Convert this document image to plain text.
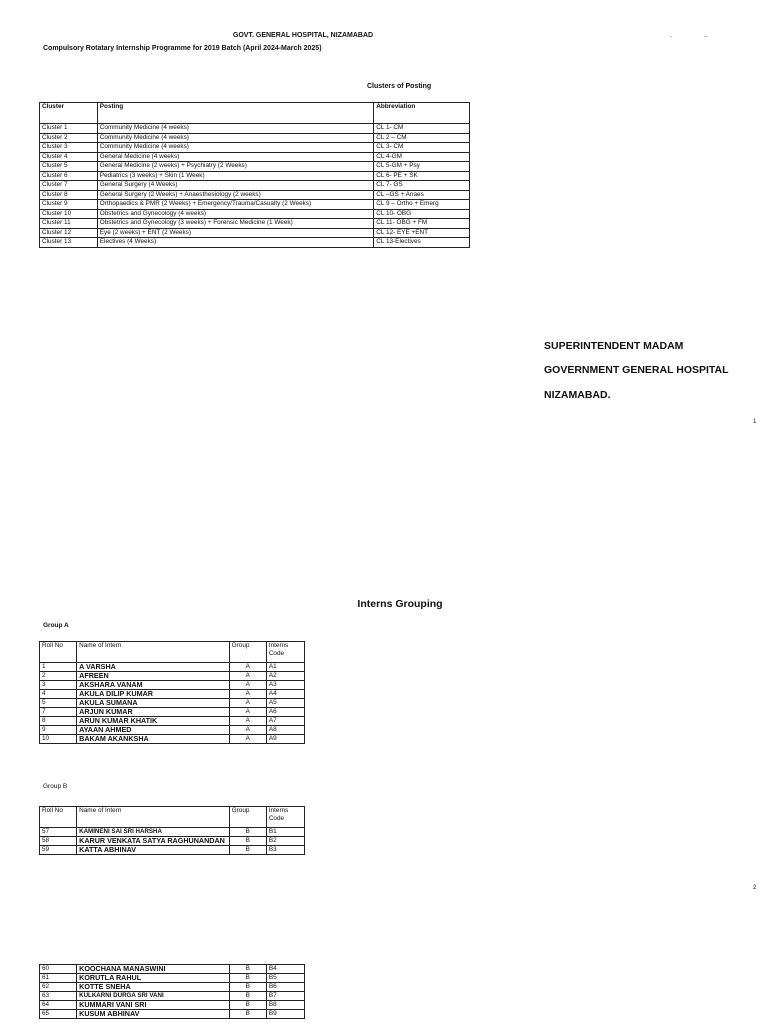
GOVT. GENERAL HOSPITAL, NIZAMABAD
Compulsory Rotatary Internship Programme for 2019 Batch (April 2024-March 2025)
.	..
Clusters of Posting
Cluster	Posting	Abbreviation
Cluster 1	Community Medicine (4 weeks)	CL 1- CM
Cluster 2	Community Medicine (4 weeks)	CL 2 – CM
Cluster 3	Community Medicine (4 weeks)	CL 3- CM
Cluster 4	General Medicine (4 weeks)	CL 4-GM
Cluster 5	General Medicine (2 weeks) + Psychiatry (2 Weeks)	CL 5-GM + Psy
Cluster 6	Pediatrics (3 weeks) + Skin (1 Week)	CL 6- PE + SK
Cluster 7	General Surgery (4 Weeks)	CL 7- GS
Cluster 8	General Surgery (2 Weeks) + Anaesthesiology (2 weeks)	CL –GS + Anaes
Cluster 9	Orthopaedics & PMR (2 Weeks) + Emergency/Trauma/Casualty (2 Weeks)	CL 9 – Ortho + Emerg
Cluster 10	Obstetrics and Gynecology (4 weeks)	CL 10- OBG
Cluster 11	Obstetrics and Gynecology (3 weeks) + Forensic Medicine (1 Week)	CL 11- OBG + FM
Cluster 12	Eye (2 weeks) + ENT (2 Weeks)	CL 12- EYE +ENT
Cluster 13	Electives (4 Weeks)	CL 13-Electives
SUPERINTENDENT MADAM
GOVERNMENT GENERAL HOSPITAL
NIZAMABAD.
1
2
Interns Grouping
Group A
Roll No	Name of Intern	Group	Interns Code
1	A VARSHA	A	A1
2	AFREEN	A	A2
3	AKSHARA VANAM	A	A3
4	AKULA DILIP KUMAR	A	A4
5	AKULA SUMANA	A	A5
7	ARJUN KUMAR	A	A6
8	ARUN KUMAR KHATIK	A	A7
9	AYAAN AHMED	A	A8
10	BAKAM AKANKSHA	A	A9
Group B
Roll No	Name of Intern	Group	Interns Code
57	KAMINENI SAI SRI HARSHA	B	B1
58	KARUR VENKATA SATYA RAGHUNANDAN	B	B2
59	KATTA ABHINAV	B	B3
60	KOOCHANA MANASWINI	B	B4
61	KORUTLA RAHUL	B	B5
62	KOTTE SNEHA	B	B6
63	KULKARNI DURGA SRI VANI	B	B7
64	KUMMARI VANI SRI	B	B8
65	KUSUM ABHINAV	B	B9
